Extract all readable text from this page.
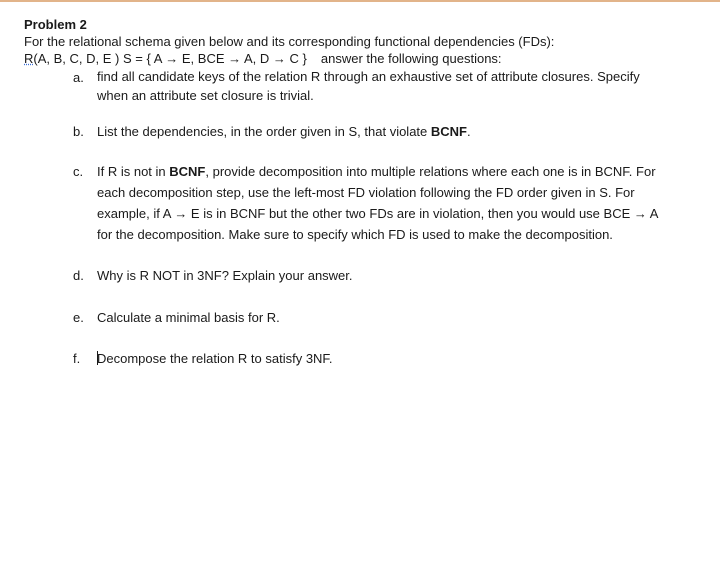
Problem 2

For the relational schema given below and its corresponding functional dependencies (FDs):

R(A, B, C, D, E ) S = { A → E, BCE → A, D → C } answer the following questions:

a. find all candidate keys of the relation R through an exhaustive set of attribute closures. Specify

when an attribute set closure is trivial.

b. List the dependencies, in the order given in S, that violate BCNF.

c. If R is not in BCNF, provide decomposition into multiple relations where each one is in BCNF. For

each decomposition step, use the left-most FD violation following the FD order given in S. For

example, if A → E is in BCNF but the other two FDs are in violation, then you would use BCE → A

for the decomposition. Make sure to specify which FD is used to make the decomposition.

d. Why is R NOT in 3NF? Explain your answer.

e. Calculate a minimal basis for R.

f. Decompose the relation R to satisfy 3NF.
